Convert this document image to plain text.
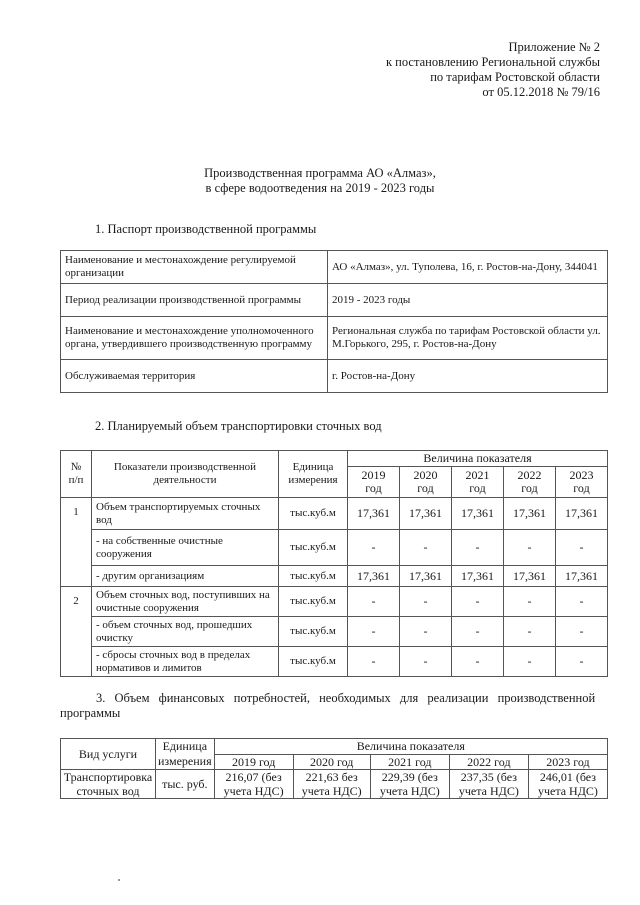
Приложение № 2
к постановлению Региональной службы
по тарифам Ростовской области
от 05.12.2018 № 79/16
Производственная программа АО «Алмаз»,
в сфере водоотведения на 2019 - 2023 годы
1. Паспорт производственной программы
Наименование и местонахождение регулируемой организации	АО «Алмаз», ул. Туполева, 16, г. Ростов-на-Дону, 344041
Период реализации производственной программы	2019 - 2023 годы
Наименование и местонахождение уполномоченного органа, утвердившего производственную программу	Региональная служба по тарифам Ростовской области ул. М.Горького, 295, г. Ростов-на-Дону
Обслуживаемая территория	г. Ростов-на-Дону
2. Планируемый объем транспортировки сточных вод
№ п/п	Показатели производственной деятельности	Единица измерения	Величина показателя				
			2019 год	2020 год	2021 год	2022 год	2023 год
1	Объем транспортируемых сточных вод	тыс.куб.м	17,361	17,361	17,361	17,361	17,361
	- на собственные очистные сооружения	тыс.куб.м	-	-	-	-	-
	- другим организациям	тыс.куб.м	17,361	17,361	17,361	17,361	17,361
2	Объем сточных вод, поступивших на очистные сооружения	тыс.куб.м	-	-	-	-	-
	- объем сточных вод, прошедших очистку	тыс.куб.м	-	-	-	-	-
	- сбросы сточных вод в пределах нормативов и лимитов	тыс.куб.м	-	-	-	-	-
3. Объем финансовых потребностей, необходимых для реализации производственной
программы
Вид услуги	Единица измерения	Величина показателя				
		2019 год	2020 год	2021 год	2022 год	2023 год
Транспортировка сточных вод	тыс. руб.	216,07 (без учета НДС)	221,63 без учета НДС)	229,39 (без учета НДС)	237,35 (без учета НДС)	246,01 (без учета НДС)
